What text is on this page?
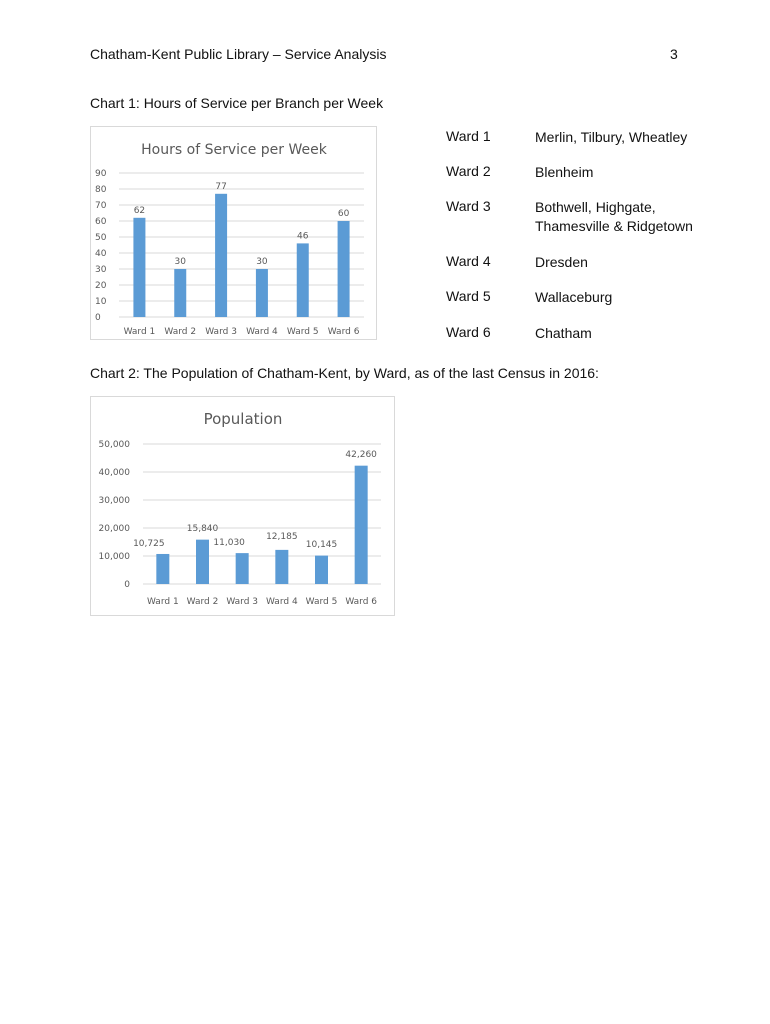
Chatham-Kent Public Library – Service Analysis	3
Chart 1: Hours of Service per Branch per Week
Hours of Service per Week
0
10
20
30
40
50
60
70
80
90
62
Ward 1
30
Ward 2
77
Ward 3
30
Ward 4
46
Ward 5
60
Ward 6
Ward 1	Merlin, Tilbury, Wheatley
Ward 2	Blenheim
Ward 3	Bothwell, Highgate, Thamesville & Ridgetown
Ward 4	Dresden
Ward 5	Wallaceburg
Ward 6	Chatham
Chart 2: The Population of Chatham-Kent, by Ward, as of the last Census in 2016:
Population
0
10,000
20,000
30,000
40,000
50,000
10,725
Ward 1
15,840
Ward 2
11,030
Ward 3
12,185
Ward 4
10,145
Ward 5
42,260
Ward 6
